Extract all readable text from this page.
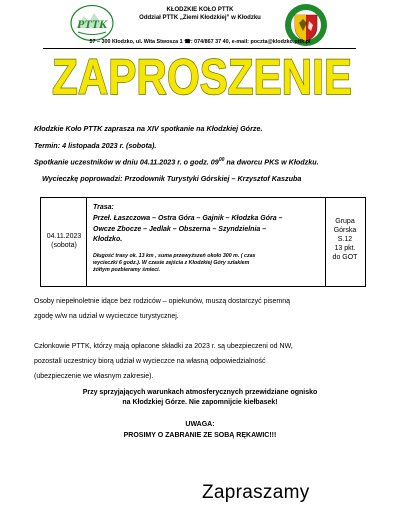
PTTK
KŁODZKIE KOŁO PTTK
Oddział PTTK „Ziemi Kłodzkiej” w Kłodzku
57 – 300 Kłodzko, ul. Wita Stwosza 1 ☎: 074/867 37 40, e-mail: poczta@klodzko.pttk.pl
ZAPROSZENIE
Kłodzkie Koło PTTK zaprasza na XIV spotkanie na Kłodzkiej Górze.
Termin: 4 listopada 2023 r. (sobota).
Spotkanie uczestników w dniu 04.11.2023 r. o godz. $09^{00}$ na dworcu PKS w Kłodzku.
Wycieczkę poprowadzi: Przodownik Turystyki Górskiej – Krzysztof Kaszuba
04.11.2023
(sobota)
Trasa:
Przeł. Łaszczowa – Ostra Góra – Gajnik – Kłodzka Góra –
Owcze Zbocze – Jedlak – Obszerna – Szyndzielnia –
Kłodzko.
Długość trasy ok. 13 km , suma przewyższeń około 300 m. ( czas
wycieczki 6 godz.). W czasie zejścia z Kłodzkiej Góry szlakiem
żółtym pozbieramy śmieci.
Grupa
Górska
S.12
13 pkt.
do GOT
Osoby niepełnoletnie idące bez rodziców – opiekunów, muszą dostarczyć pisemną
zgodę w/w na udział w wycieczce turystycznej.
Członkowie PTTK, którzy mają opłacone składki za 2023 r. są ubezpieczeni od NW,
pozostali uczestnicy biorą udział w wycieczce na własną odpowiedzialność
(ubezpieczenie we własnym zakresie).
Przy sprzyjających warunkach atmosferycznych przewidziane ognisko
na Kłodzkiej Górze. Nie zapomnijcie kiełbasek!
UWAGA:
PROSIMY O ZABRANIE ZE SOBĄ RĘKAWIC!!!
Zapraszamy
